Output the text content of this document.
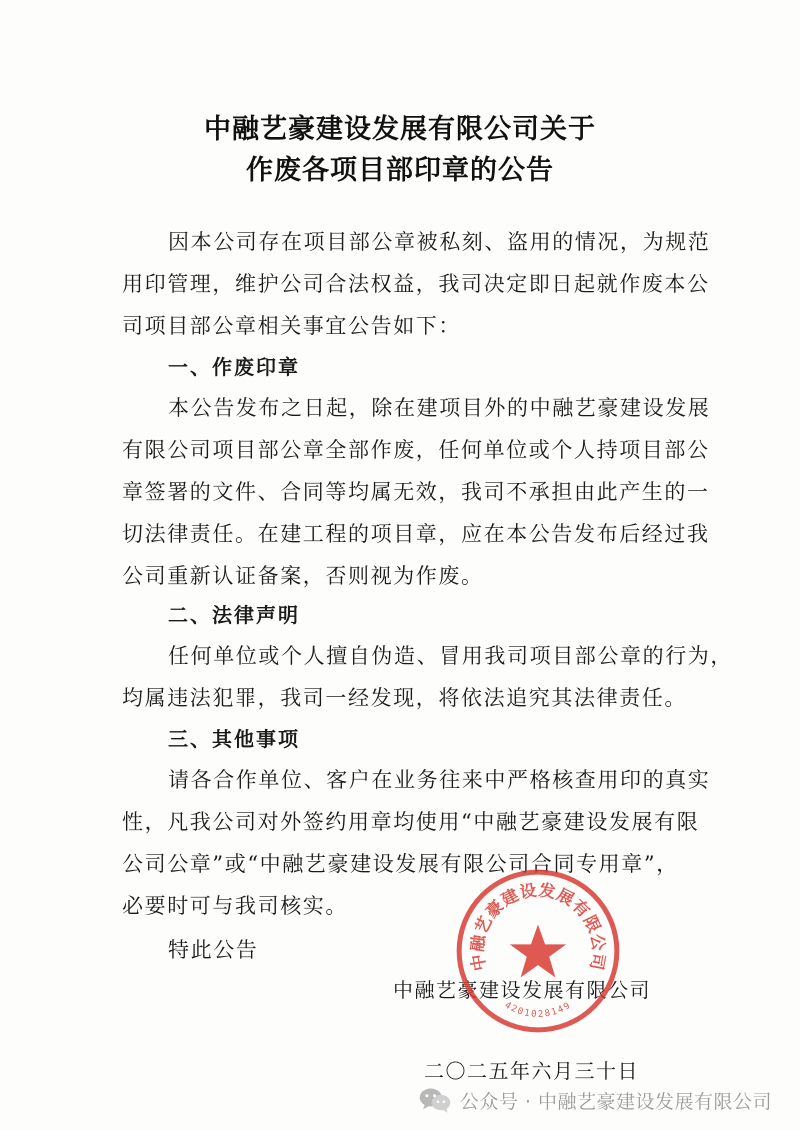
中融艺豪建设发展有限公司关于
作废各项目部印章的公告

因本公司存在项目部公章被私刻、盗用的情况，为规范

用印管理，维护公司合法权益，我司决定即日起就作废本公

司项目部公章相关事宜公告如下：

一、作废印章

本公告发布之日起，除在建项目外的中融艺豪建设发展

有限公司项目部公章全部作废，任何单位或个人持项目部公

章签署的文件、合同等均属无效，我司不承担由此产生的一

切法律责任。在建工程的项目章，应在本公告发布后经过我

公司重新认证备案，否则视为作废。

二、法律声明

任何单位或个人擅自伪造、冒用我司项目部公章的行为，

均属违法犯罪，我司一经发现，将依法追究其法律责任。

三、其他事项

请各合作单位、客户在业务往来中严格核查用印的真实

性，凡我公司对外签约用章均使用“中融艺豪建设发展有限

公司公章”或“中融艺豪建设发展有限公司合同专用章”，

必要时可与我司核实。

特此公告

中融艺豪建设发展有限公司

二〇二五年六月三十日

中融艺豪建设发展有限公司
4201028149
公众号 · 中融艺豪建设发展有限公司
